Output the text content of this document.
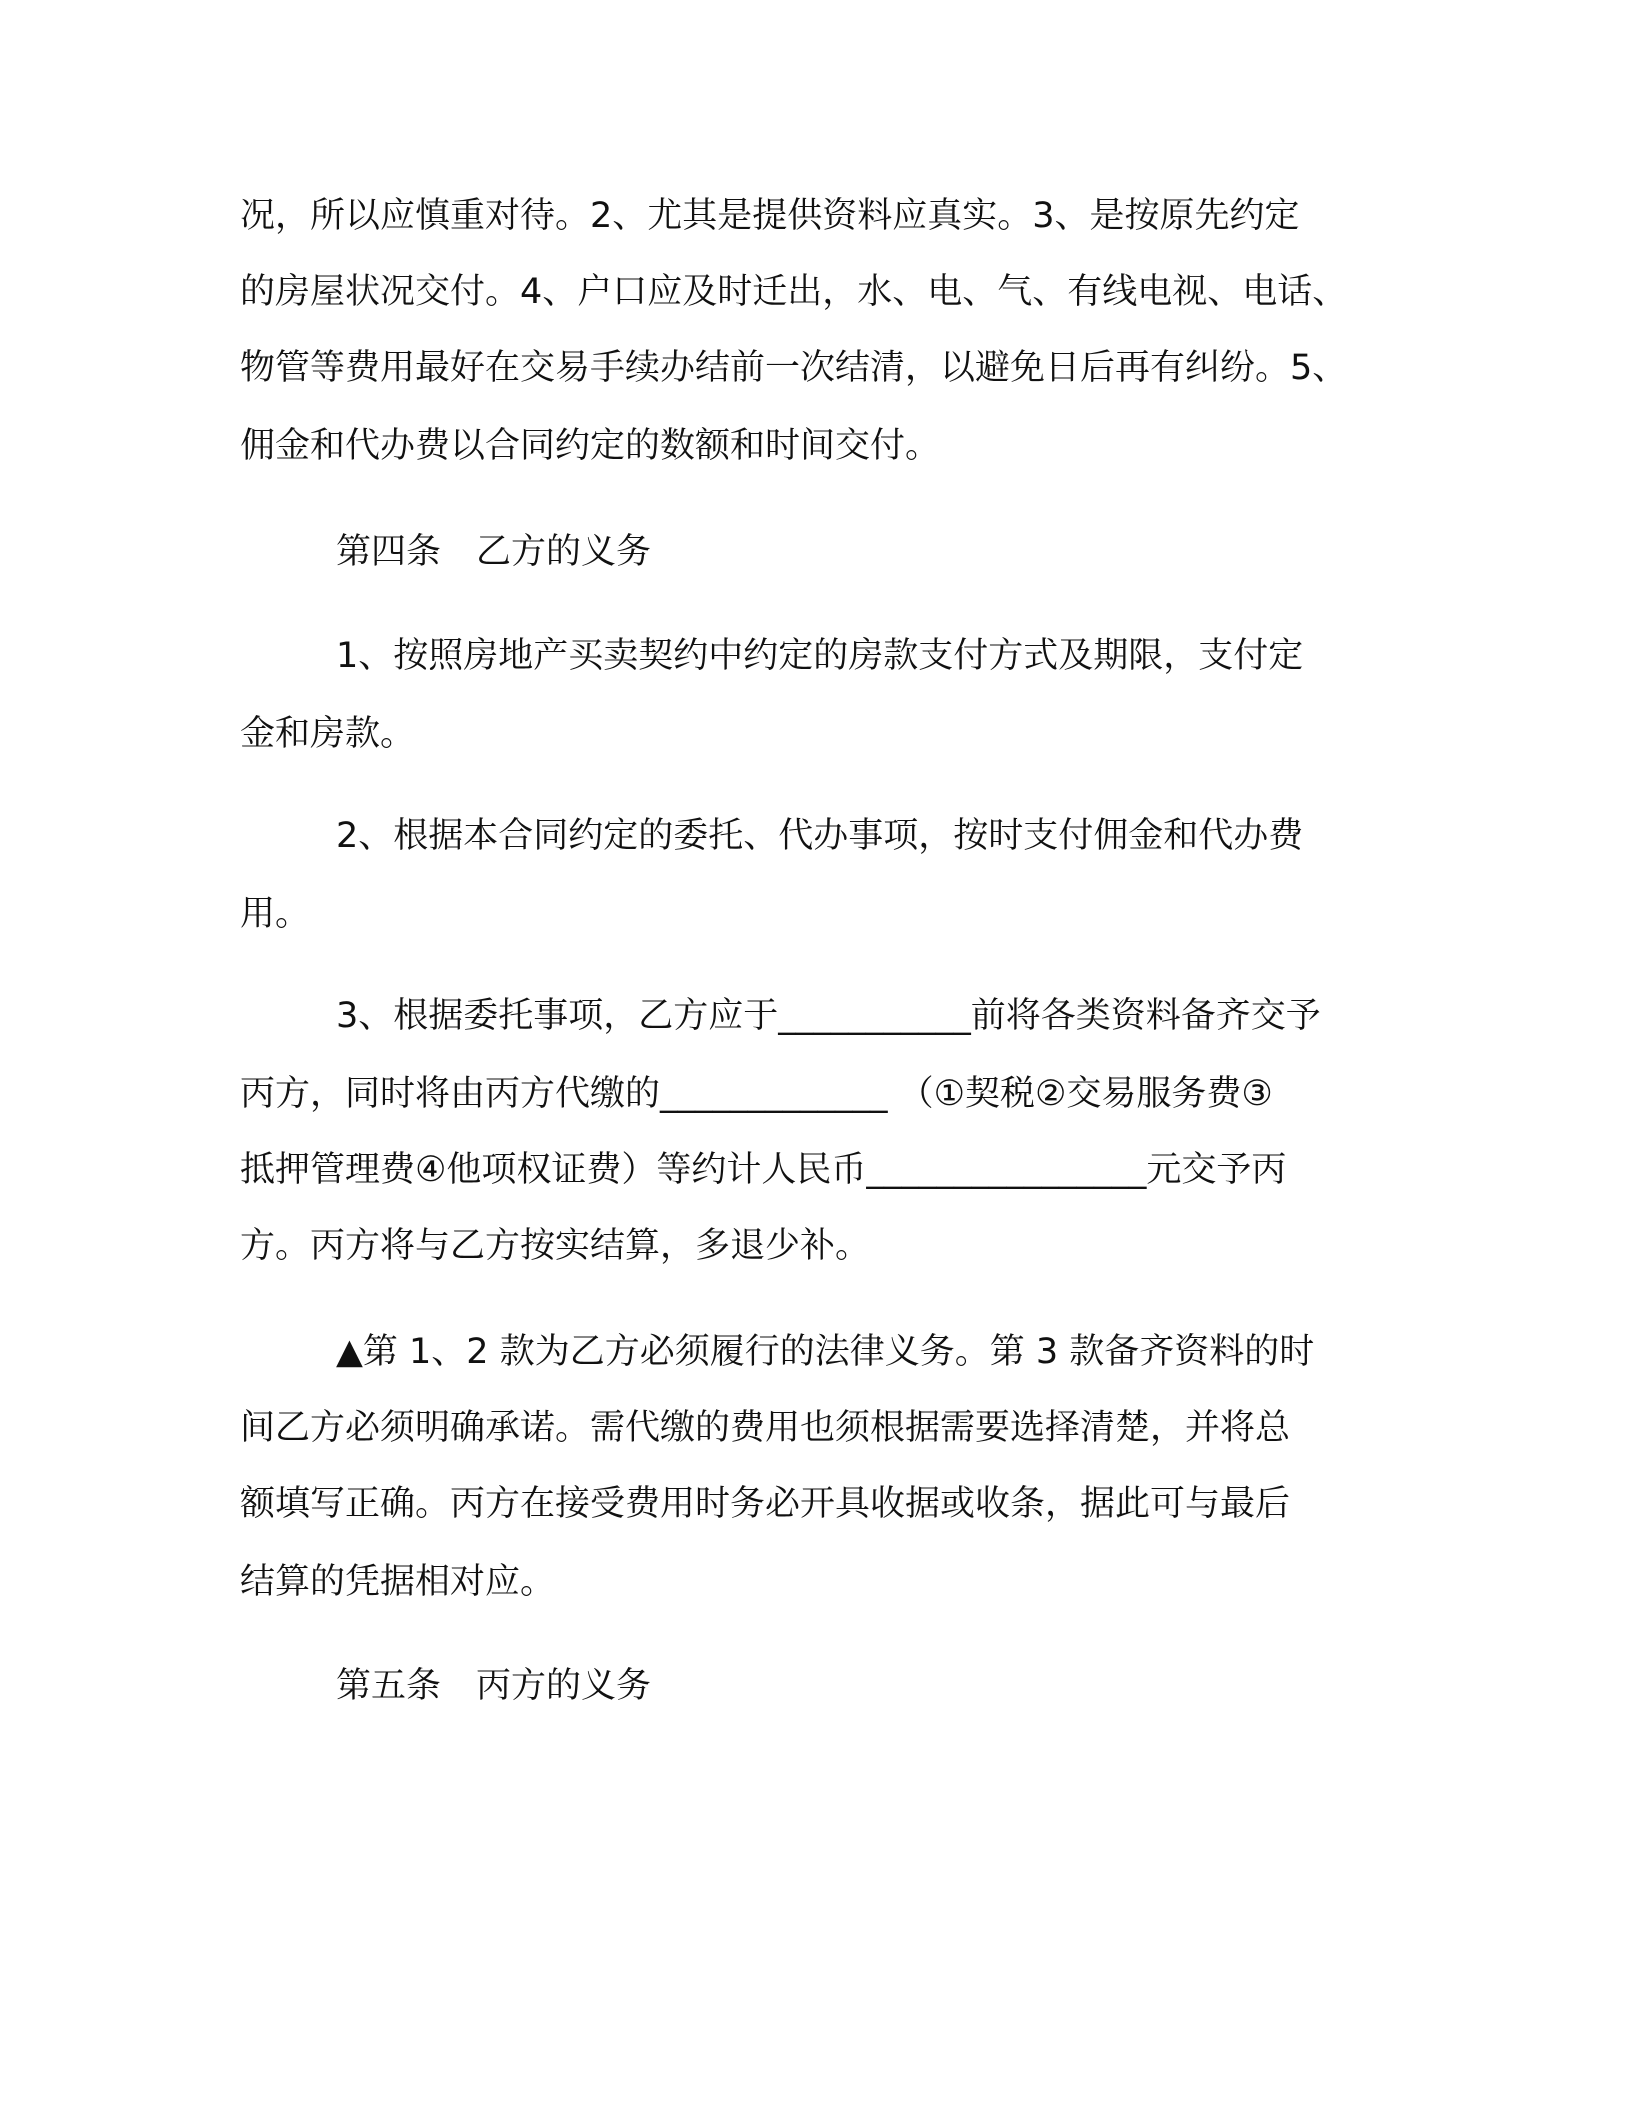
况，所以应慎重对待。2、尤其是提供资料应真实。3、是按原先约定
的房屋状况交付。4、户口应及时迁出，水、电、气、有线电视、电话、
物管等费用最好在交易手续办结前一次结清，以避免日后再有纠纷。5、
佣金和代办费以合同约定的数额和时间交付。
第四条　乙方的义务
1、按照房地产买卖契约中约定的房款支付方式及期限，支付定
金和房款。
2、根据本合同约定的委托、代办事项，按时支付佣金和代办费
用。
3、根据委托事项，乙方应于___________前将各类资料备齐交予
丙方，同时将由丙方代缴的_____________ （①契税②交易服务费③
抵押管理费④他项权证费）等约计人民币________________元交予丙
方。丙方将与乙方按实结算，多退少补。
▲第 1、2 款为乙方必须履行的法律义务。第 3 款备齐资料的时
间乙方必须明确承诺。需代缴的费用也须根据需要选择清楚，并将总
额填写正确。丙方在接受费用时务必开具收据或收条，据此可与最后
结算的凭据相对应。
第五条　丙方的义务
